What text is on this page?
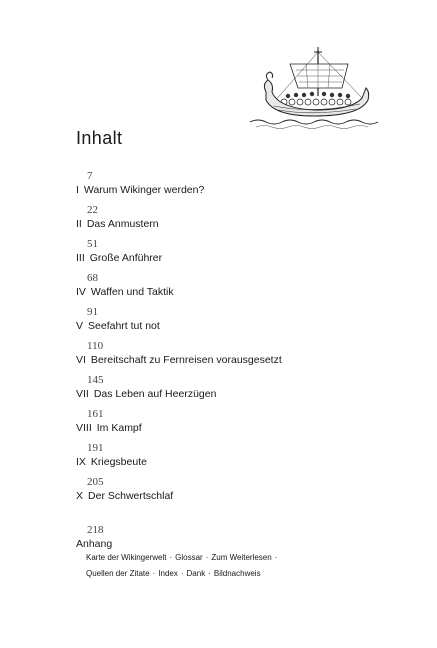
Inhalt
7
I Warum Wikinger werden?
22
II Das Anmustern
51
III Große Anführer
68
IV Waffen und Taktik
91
V Seefahrt tut not
110
VI Bereitschaft zu Fernreisen vorausgesetzt
145
VII Das Leben auf Heerzügen
161
VIII Im Kampf
191
IX Kriegsbeute
205
X Der Schwertschlaf
218
Anhang
Karte der Wikingerwelt · Glossar · Zum Weiterlesen ·
Quellen der Zitate · Index · Dank · Bildnachweis
